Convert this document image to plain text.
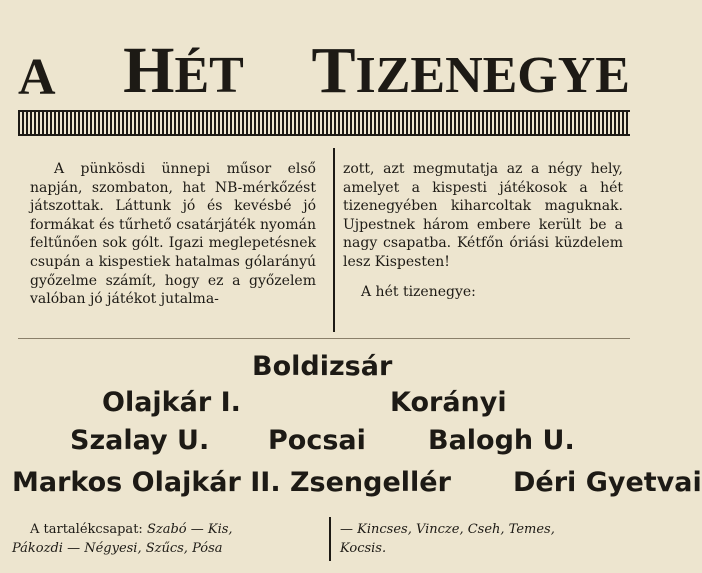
A H ÉT T IZENEGYE
A pünkösdi ünnepi műsor első napján, szombaton, hat NB-mérkőzést játszottak. Láttunk jó és kevésbé jó formákat és tűrhető csatárjáték nyomán feltűnően sok gólt. Igazi meglepetésnek csupán a kispestiek hatalmas gólarányú győzelme számít, hogy ez a győzelem valóban jó játékot jutalma-

zott, azt megmutatja az a négy hely, amelyet a kispesti játékosok a hét tizenegyében kiharcoltak maguknak. Ujpestnek három embere került be a nagy csapatba. Kétfőn óriási küzdelem lesz Kispesten!

A hét tizenegye:

Boldizsár
Olajkár I.	Korányi
Szalay U. Pocsai Balogh U.
Markos Olajkár II. Zsengellér Déri Gyetvai
A tartalékcsapat: Szabó — Kis,
Pákozdi — Négyesi, Szűcs, Pósa
— Kincses, Vincze, Cseh, Temes,
Kocsis.
